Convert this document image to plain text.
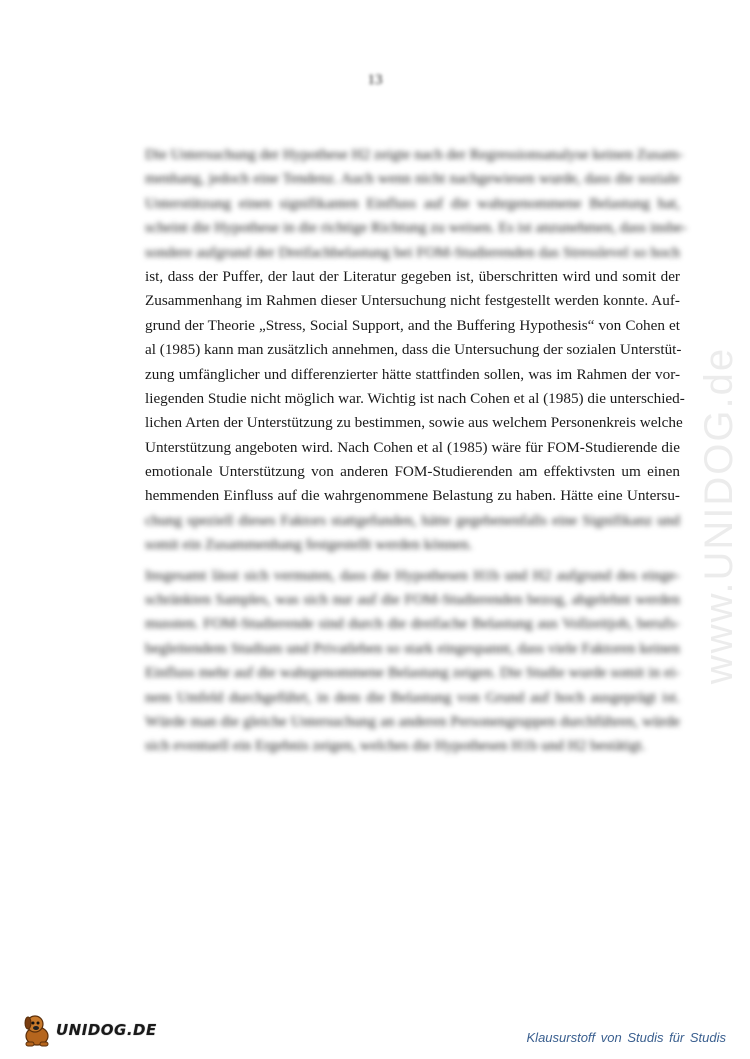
13
www.UNIDOG.de
Die Untersuchung der Hypothese H2 zeigte nach der Regressionsanalyse keinen Zusam-
menhang, jedoch eine Tendenz. Auch wenn nicht nachgewiesen wurde, dass die soziale
Unterstützung einen signifikanten Einfluss auf die wahrgenommene Belastung hat,
scheint die Hypothese in die richtige Richtung zu weisen. Es ist anzunehmen, dass insbe-
sondere aufgrund der Dreifachbelastung bei FOM-Studierenden das Stresslevel so hoch
ist, dass der Puffer, der laut der Literatur gegeben ist, überschritten wird und somit der
Zusammenhang im Rahmen dieser Untersuchung nicht festgestellt werden konnte. Auf-
grund der Theorie „Stress, Social Support, and the Buffering Hypothesis“ von Cohen et
al (1985) kann man zusätzlich annehmen, dass die Untersuchung der sozialen Unterstüt-
zung umfänglicher und differenzierter hätte stattfinden sollen, was im Rahmen der vor-
liegenden Studie nicht möglich war. Wichtig ist nach Cohen et al (1985) die unterschied-
lichen Arten der Unterstützung zu bestimmen, sowie aus welchem Personenkreis welche
Unterstützung angeboten wird. Nach Cohen et al (1985) wäre für FOM-Studierende die
emotionale Unterstützung von anderen FOM-Studierenden am effektivsten um einen
hemmenden Einfluss auf die wahrgenommene Belastung zu haben. Hätte eine Untersu-
chung speziell dieses Faktors stattgefunden, hätte gegebenenfalls eine Signifikanz und
somit ein Zusammenhang festgestellt werden können.
Insgesamt lässt sich vermuten, dass die Hypothesen H1b und H2 aufgrund des einge-
schränkten Samples, was sich nur auf die FOM-Studierenden bezog, abgelehnt werden
mussten. FOM-Studierende sind durch die dreifache Belastung aus Vollzeitjob, berufs-
begleitendem Studium und Privatleben so stark eingespannt, dass viele Faktoren keinen
Einfluss mehr auf die wahrgenommene Belastung zeigen. Die Studie wurde somit in ei-
nem Umfeld durchgeführt, in dem die Belastung von Grund auf hoch ausgeprägt ist.
Würde man die gleiche Untersuchung an anderen Personengruppen durchführen, würde
sich eventuell ein Ergebnis zeigen, welches die Hypothesen H1b und H2 bestätigt.
UNIDOG.DE	Klausurstoff von Studis für Studis
